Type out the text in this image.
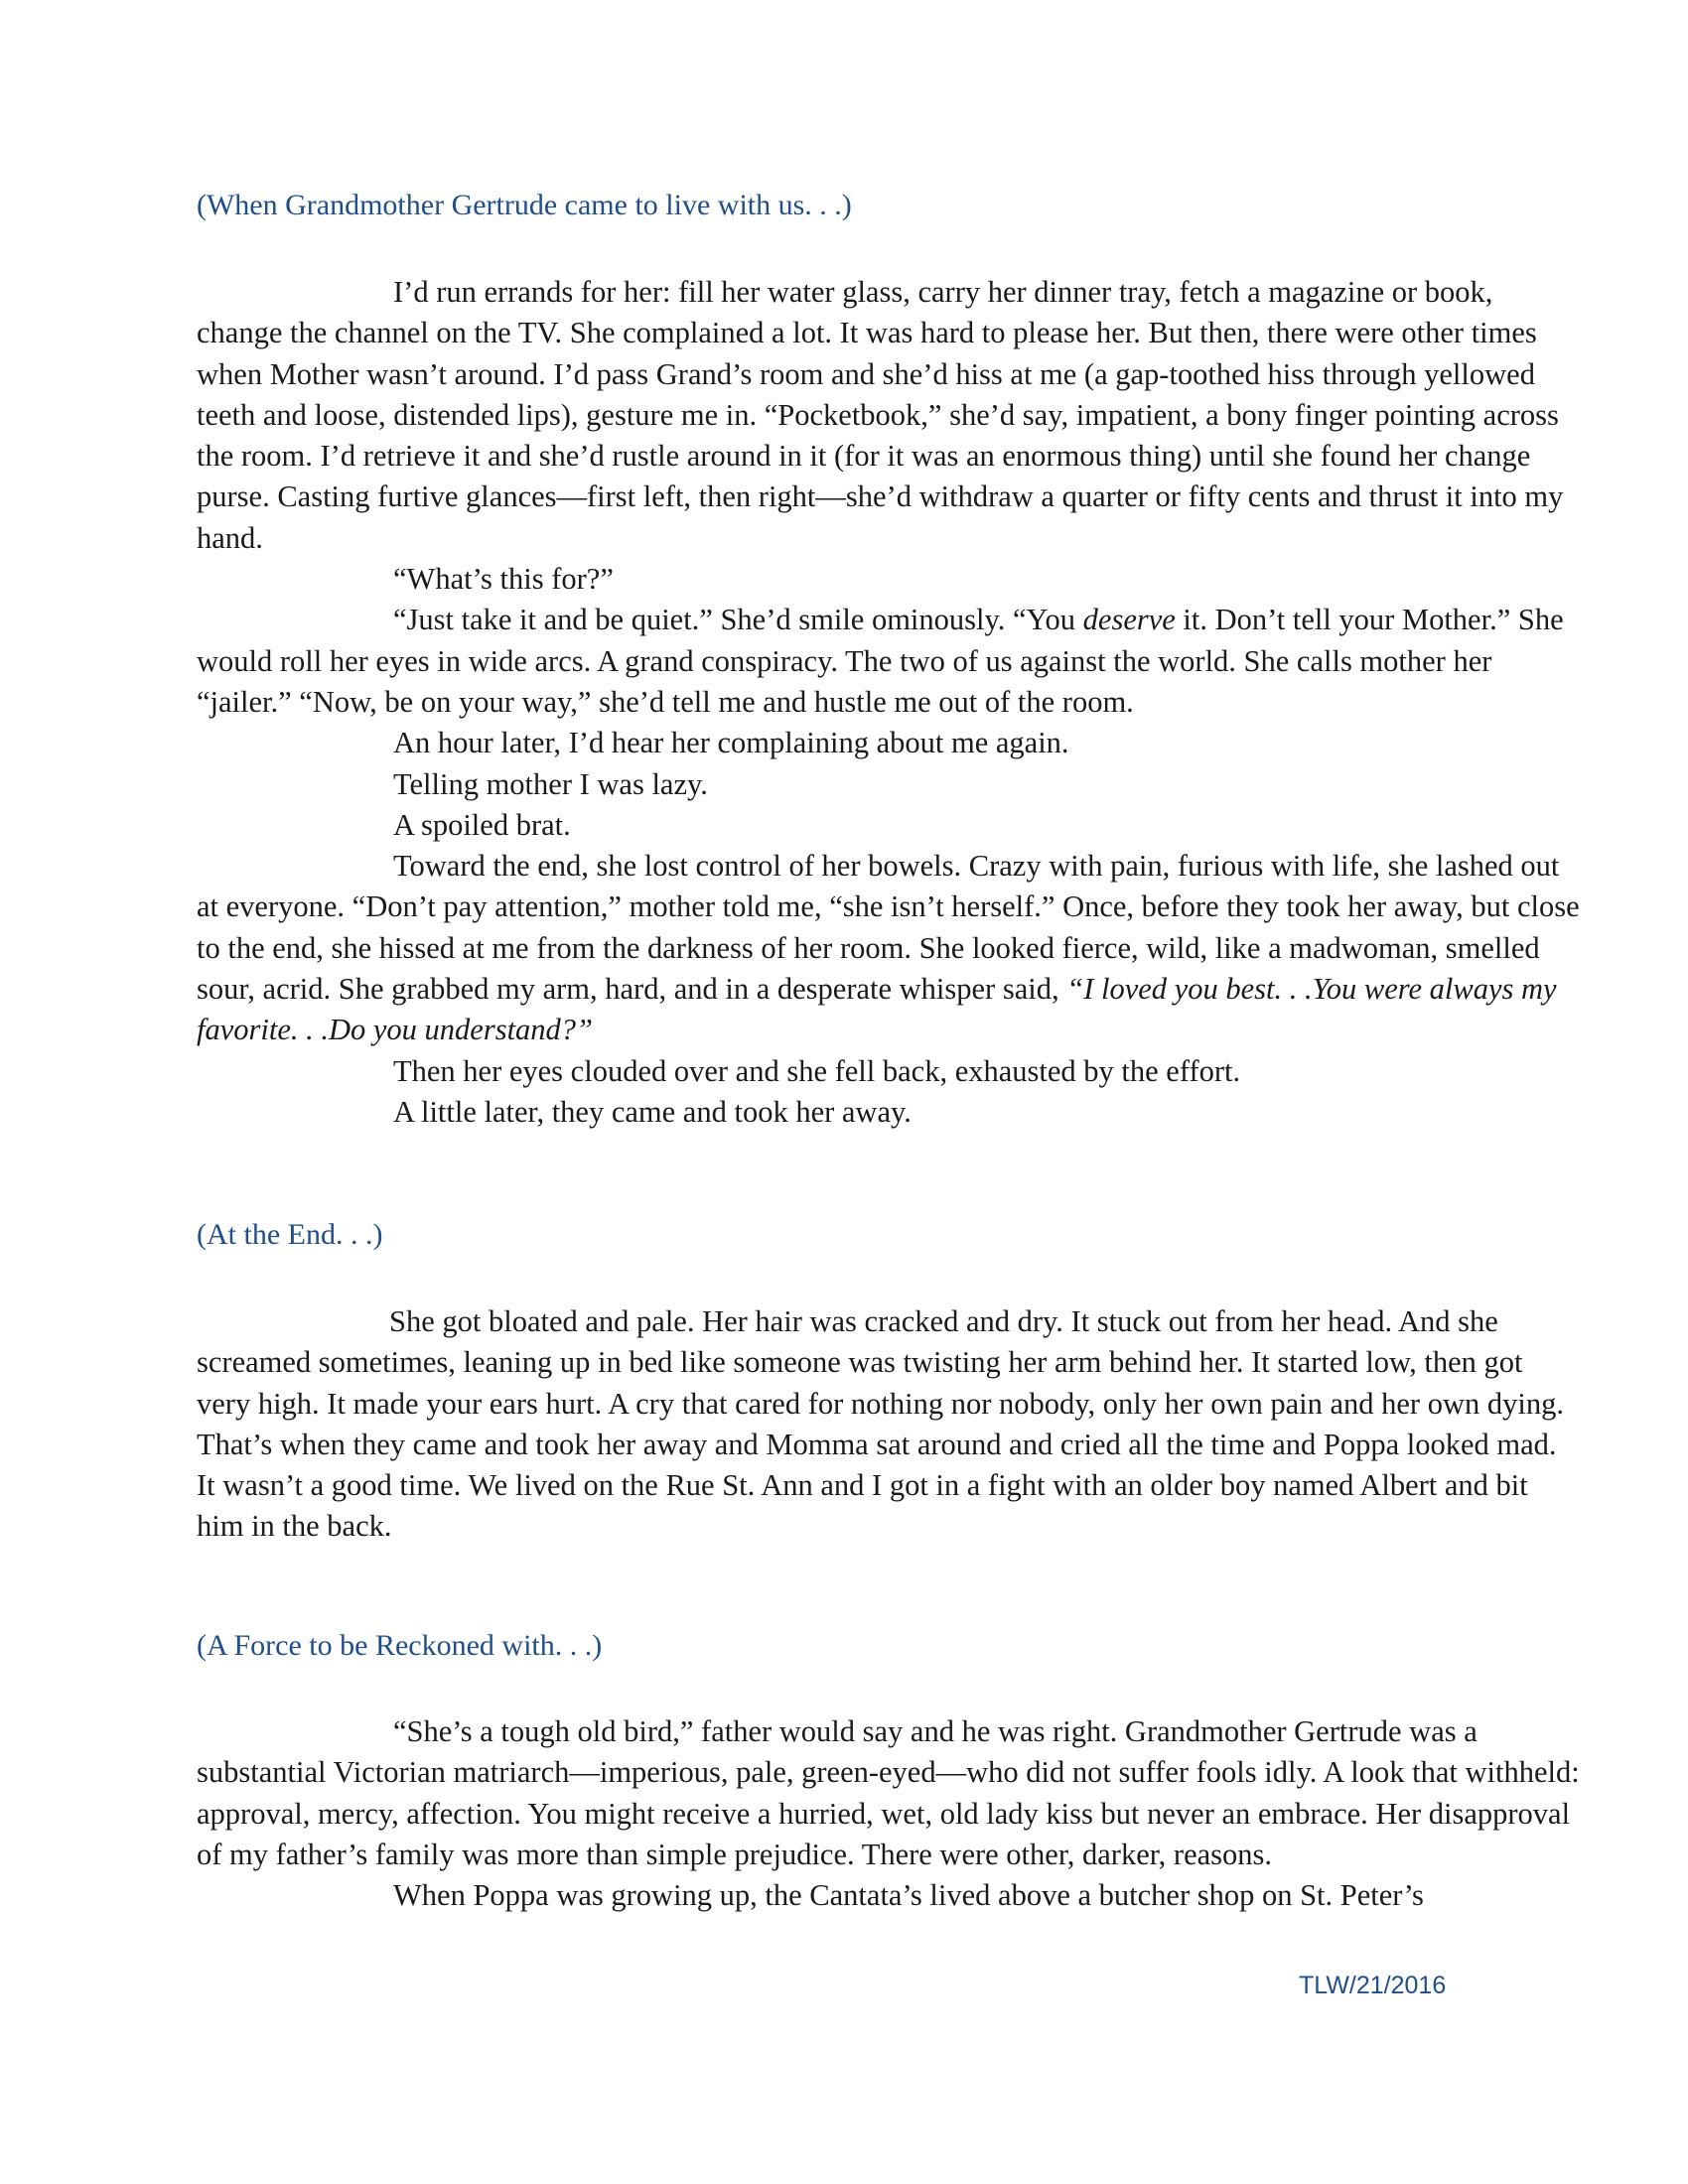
(When Grandmother Gertrude came to live with us. . .)

I’d run errands for her: fill her water glass, carry her dinner tray, fetch a magazine or book, change the channel on the TV. She complained a lot. It was hard to please her. But then, there were other times when Mother wasn’t around. I’d pass Grand’s room and she’d hiss at me (a gap-toothed hiss through yellowed teeth and loose, distended lips), gesture me in. “Pocketbook,” she’d say, impatient, a bony finger pointing across the room. I’d retrieve it and she’d rustle around in it (for it was an enormous thing) until she found her change purse. Casting furtive glances—first left, then right—she’d withdraw a quarter or fifty cents and thrust it into my hand.

“What’s this for?”

“Just take it and be quiet.” She’d smile ominously. “You deserve it. Don’t tell your Mother.” She would roll her eyes in wide arcs. A grand conspiracy. The two of us against the world. She calls mother her “jailer.” “Now, be on your way,” she’d tell me and hustle me out of the room.

An hour later, I’d hear her complaining about me again.

Telling mother I was lazy.

A spoiled brat.

Toward the end, she lost control of her bowels. Crazy with pain, furious with life, she lashed out at everyone. “Don’t pay attention,” mother told me, “she isn’t herself.” Once, before they took her away, but close to the end, she hissed at me from the darkness of her room. She looked fierce, wild, like a madwoman, smelled sour, acrid. She grabbed my arm, hard, and in a desperate whisper said, “I loved you best. . .You were always my favorite. . .Do you understand?”

Then her eyes clouded over and she fell back, exhausted by the effort.

A little later, they came and took her away.

(At the End. . .)

She got bloated and pale. Her hair was cracked and dry. It stuck out from her head. And she screamed sometimes, leaning up in bed like someone was twisting her arm behind her. It started low, then got very high. It made your ears hurt. A cry that cared for nothing nor nobody, only her own pain and her own dying. That’s when they came and took her away and Momma sat around and cried all the time and Poppa looked mad. It wasn’t a good time. We lived on the Rue St. Ann and I got in a fight with an older boy named Albert and bit him in the back.

(A Force to be Reckoned with. . .)

“She’s a tough old bird,” father would say and he was right. Grandmother Gertrude was a substantial Victorian matriarch—imperious, pale, green-eyed—who did not suffer fools idly. A look that withheld: approval, mercy, affection. You might receive a hurried, wet, old lady kiss but never an embrace. Her disapproval of my father’s family was more than simple prejudice. There were other, darker, reasons.

When Poppa was growing up, the Cantata’s lived above a butcher shop on St. Peter’s

TLW/21/2016
